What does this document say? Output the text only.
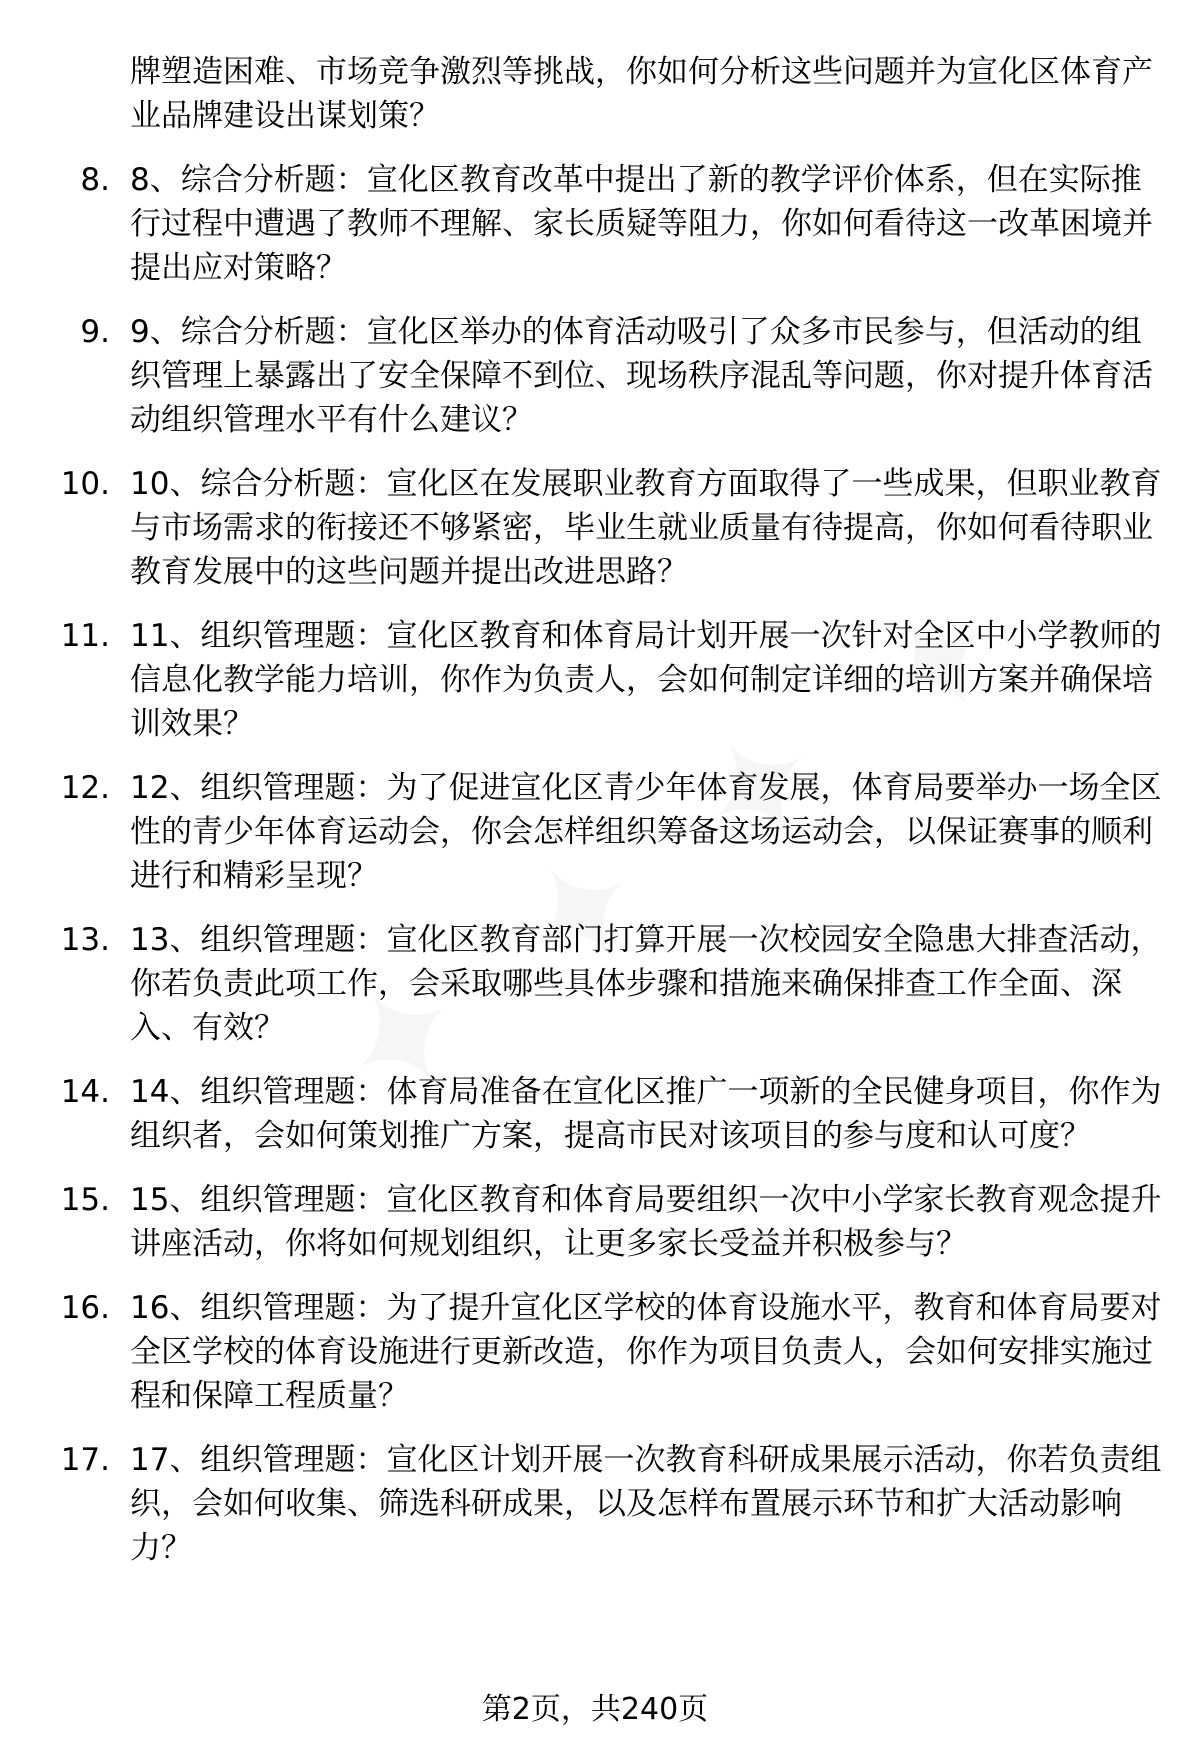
牌塑造困难、市场竞争激烈等挑战，你如何分析这些问题并为宣化区体育产业品牌建设出谋划策？
8. 8、综合分析题：宣化区教育改革中提出了新的教学评价体系，但在实际推行过程中遭遇了教师不理解、家长质疑等阻力，你如何看待这一改革困境并提出应对策略？
9. 9、综合分析题：宣化区举办的体育活动吸引了众多市民参与，但活动的组织管理上暴露出了安全保障不到位、现场秩序混乱等问题，你对提升体育活动组织管理水平有什么建议？
10. 10、综合分析题：宣化区在发展职业教育方面取得了一些成果，但职业教育与市场需求的衔接还不够紧密，毕业生就业质量有待提高，你如何看待职业教育发展中的这些问题并提出改进思路？
11. 11、组织管理题：宣化区教育和体育局计划开展一次针对全区中小学教师的信息化教学能力培训，你作为负责人，会如何制定详细的培训方案并确保培训效果？
12. 12、组织管理题：为了促进宣化区青少年体育发展，体育局要举办一场全区性的青少年体育运动会，你会怎样组织筹备这场运动会，以保证赛事的顺利进行和精彩呈现？
13. 13、组织管理题：宣化区教育部门打算开展一次校园安全隐患大排查活动，你若负责此项工作，会采取哪些具体步骤和措施来确保排查工作全面、深入、有效？
14. 14、组织管理题：体育局准备在宣化区推广一项新的全民健身项目，你作为组织者，会如何策划推广方案，提高市民对该项目的参与度和认可度？
15. 15、组织管理题：宣化区教育和体育局要组织一次中小学家长教育观念提升讲座活动，你将如何规划组织，让更多家长受益并积极参与？
16. 16、组织管理题：为了提升宣化区学校的体育设施水平，教育和体育局要对全区学校的体育设施进行更新改造，你作为项目负责人，会如何安排实施过程和保障工程质量？
17. 17、组织管理题：宣化区计划开展一次教育科研成果展示活动，你若负责组织，会如何收集、筛选科研成果，以及怎样布置展示环节和扩大活动影响力？
第2页，共240页
